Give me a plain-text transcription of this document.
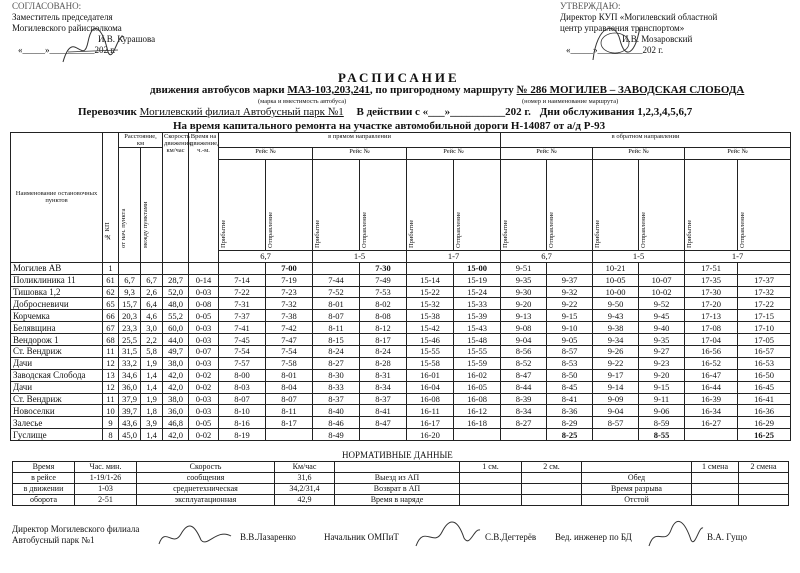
СОГЛАСОВАНО:
Заместитель председателя
Могилевского райисполкома
И.В. Курашова
«_____»__________202 г.
УТВЕРЖДАЮ:
Директор КУП «Могилевский областной
центр управления транспортом»
И.В. Мозаровский
«_____»__________202 г.
РАСПИСАНИЕ
движения автобусов марки МАЗ-103,203,241, по пригородному маршруту № 286 МОГИЛЕВ – ЗАВОДСКАЯ СЛОБОДА
(марка и вместимость автобуса)	(номер и наименование маршрута)
Перевозчик Могилевский филиал Автобусный парк №1 В действии с «___»__________202 г. Дни обслуживания 1,2,3,4,5,6,7
На время капитального ремонта на участке автомобильной дороги Н-14087 от а/д Р-93
Наименование остановочных пунктов	№ КП	Расстояние, км		Скорость движения, км/час	Время на движение, ч.-м.	в прямом направлении						в обратном направлении					

		от нач. пункта	между пунктами			Рейс №		Рейс №		Рейс №		Рейс №		Рейс №		Рейс №	

						Прибытие	Отправление	Прибытие	Отправление	Прибытие	Отправление	Прибытие	Отправление	Прибытие	Отправление	Прибытие	Отправление

						6,7		1-5		1-7		6,7		1-5		1-7	
Могилев АВ	1						7-00		7-30		15-00	9-51		10-21		17-51	
Поликлиника 11	61	6,7	6,7	28,7	0-14	7-14	7-19	7-44	7-49	15-14	15-19	9-35	9-37	10-05	10-07	17-35	17-37
Тишовка 1,2	62	9,3	2,6	52,0	0-03	7-22	7-23	7-52	7-53	15-22	15-24	9-30	9-32	10-00	10-02	17-30	17-32
Добросневичи	65	15,7	6,4	48,0	0-08	7-31	7-32	8-01	8-02	15-32	15-33	9-20	9-22	9-50	9-52	17-20	17-22
Корчемка	66	20,3	4,6	55,2	0-05	7-37	7-38	8-07	8-08	15-38	15-39	9-13	9-15	9-43	9-45	17-13	17-15
Белявщина	67	23,3	3,0	60,0	0-03	7-41	7-42	8-11	8-12	15-42	15-43	9-08	9-10	9-38	9-40	17-08	17-10
Вендорож 1	68	25,5	2,2	44,0	0-03	7-45	7-47	8-15	8-17	15-46	15-48	9-04	9-05	9-34	9-35	17-04	17-05
Ст. Вендриж	11	31,5	5,8	49,7	0-07	7-54	7-54	8-24	8-24	15-55	15-55	8-56	8-57	9-26	9-27	16-56	16-57
Дачи	12	33,2	1,9	38,0	0-03	7-57	7-58	8-27	8-28	15-58	15-59	8-52	8-53	9-22	9-23	16-52	16-53
Заводская Слобода	13	34,6	1,4	42,0	0-02	8-00	8-01	8-30	8-31	16-01	16-02	8-47	8-50	9-17	9-20	16-47	16-50
Дачи	12	36,0	1,4	42,0	0-02	8-03	8-04	8-33	8-34	16-04	16-05	8-44	8-45	9-14	9-15	16-44	16-45
Ст. Вендриж	11	37,9	1,9	38,0	0-03	8-07	8-07	8-37	8-37	16-08	16-08	8-39	8-41	9-09	9-11	16-39	16-41
Новоселки	10	39,7	1,8	36,0	0-03	8-10	8-11	8-40	8-41	16-11	16-12	8-34	8-36	9-04	9-06	16-34	16-36
Залесье	9	43,6	3,9	46,8	0-05	8-16	8-17	8-46	8-47	16-17	16-18	8-27	8-29	8-57	8-59	16-27	16-29
Гуслище	8	45,0	1,4	42,0	0-02	8-19		8-49		16-20			8-25		8-55		16-25
НОРМАТИВНЫЕ ДАННЫЕ
Время	Час. мин.	Скорость	Км/час		1 см.	2 см.		1 смена	2 смена
в рейсе	1-19/1-26	сообщения	31,6	Выезд из АП			Обед		
в движении	1-03	среднетехническая	34,2/31,4	Возврат в АП			Время разрыва		
оборота	2-51	эксплуатационная	42,9	Время в наряде			Отстой		
Директор Могилевского филиала
Автобусный парк №1	В.В.Лазаренко	Начальник ОМПиТ	С.В.Дегтерёв Вед. инженер по БД	В.А. Гущо
